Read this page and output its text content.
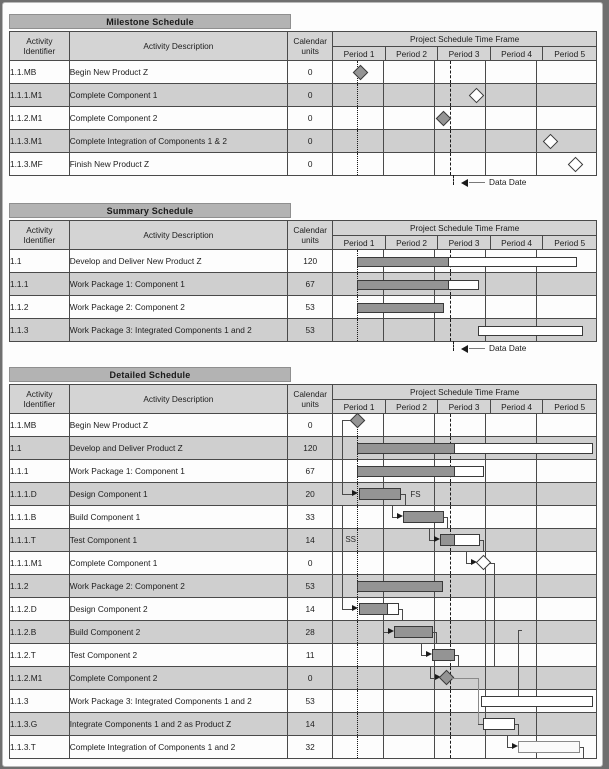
Milestone Schedule
Activity
Identifier	Activity Description	Calendar
units
	Project Schedule Time Frame
			Period 1	Period 2	Period 3	Period 4	Period 5
1.1.MB	Begin New Product Z	0					

1.1.1.M1	Complete Component 1	0					

1.1.2.M1	Complete Component 2	0					

1.1.3.M1	Complete Integration of Components 1 & 2	0					

1.1.3.MF	Finish New Product Z	0					
Data Date
Summary Schedule
Activity
Identifier	Activity Description	Calendar
units
	Project Schedule Time Frame
			Period 1	Period 2	Period 3	Period 4	Period 5
1.1	Develop and Deliver New Product Z	120					

1.1.1	Work Package 1: Component 1	67					

1.1.2	Work Package 2: Component 2	53					

1.1.3	Work Package 3: Integrated Components 1 and 2	53					
Data Date
Detailed Schedule
Activity
Identifier	Activity Description	Calendar
units
	Project Schedule Time Frame
			Period 1	Period 2	Period 3	Period 4	Period 5
1.1.MB	Begin New Product Z	0					

1.1	Develop and Deliver Product Z	120					

1.1.1	Work Package 1: Component 1	67					

1.1.1.D	Design Component 1	20	FS				

1.1.1.B	Build Component 1	33					

1.1.1.T	Test Component 1	14	SS				

1.1.1.M1	Complete Component 1	0					

1.1.2	Work Package 2: Component 2	53					

1.1.2.D	Design Component 2	14					

1.1.2.B	Build Component 2	28					

1.1.2.T	Test Component 2	11					

1.1.2.M1	Complete Component 2	0					

1.1.3	Work Package 3: Integrated Components 1 and 2	53					

1.1.3.G	Integrate Components 1 and 2 as Product Z	14					

1.1.3.T	Complete Integration of Components 1 and 2	32					
